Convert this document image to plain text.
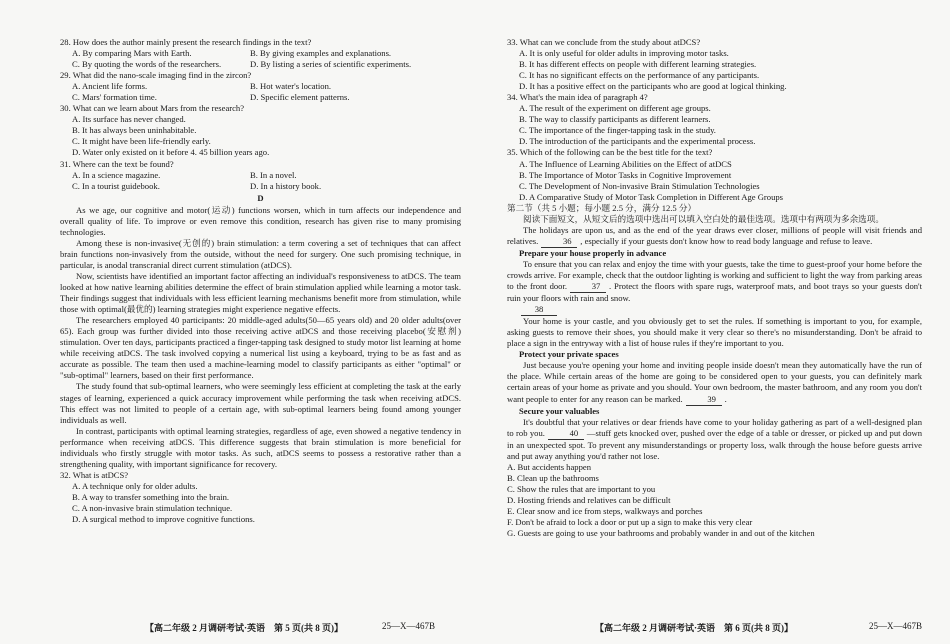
28. How does the author mainly present the research findings in the text?

A. By comparing Mars with Earth.	B. By giving examples and explanations.
C. By quoting the words of the researchers.	D. By listing a series of scientific experiments.

29. What did the nano-scale imaging find in the zircon?

A. Ancient life forms.	B. Hot water's location.
C. Mars' formation time.	D. Specific element patterns.

30. What can we learn about Mars from the research?

A. Its surface has never changed.

B. It has always been uninhabitable.

C. It might have been life-friendly early.

D. Water only existed on it before 4. 45 billion years ago.

31. Where can the text be found?

A. In a science magazine.	B. In a novel.
C. In a tourist guidebook.	D. In a history book.

D

As we age, our cognitive and motor(运动) functions worsen, which in turn affects our independence and overall quality of life. To improve or even remove this condition, research has given rise to many promising technologies.

Among these is non-invasive(无创的) brain stimulation: a term covering a set of techniques that can affect brain functions non-invasively from the outside, without the need for surgery. One such promising technique, in particular, is anodal transcranial direct current stimulation (atDCS).

Now, scientists have identified an important factor affecting an individual's responsiveness to atDCS. The team looked at how native learning abilities determine the effect of brain stimulation applied while learning a motor task. Their findings suggest that individuals with less efficient learning mechanisms benefit more from stimulation, while those with optimal(最优的) learning strategies might experience negative effects.

The researchers employed 40 participants: 20 middle-aged adults(50—65 years old) and 20 older adults(over 65). Each group was further divided into those receiving active atDCS and those receiving placebo(安慰剂) stimulation. Over ten days, participants practiced a finger-tapping task designed to study motor list learning at home while receiving atDCS. The task involved copying a numerical list using a keyboard, trying to be as fast and as accurate as possible. The team then used a machine-learning model to classify participants as either "optimal" or "sub-optimal" learners, based on their first performance.

The study found that sub-optimal learners, who were seemingly less efficient at completing the task at the early stages of learning, experienced a quick accuracy improvement while performing the task when receiving atDCS. This effect was not limited to people of a certain age, with sub-optimal learners being found among younger individuals as well.

In contrast, participants with optimal learning strategies, regardless of age, even showed a negative tendency in performance when receiving atDCS. This difference suggests that brain stimulation is more beneficial for individuals who firstly struggle with motor tasks. As such, atDCS seems to possess a restorative rather than a strengthening quality, with important significance for recovery.

32. What is atDCS?

A. A technique only for older adults.

B. A way to transfer something into the brain.

C. A non-invasive brain stimulation technique.

D. A surgical method to improve cognitive functions.

【高二年级 2 月调研考试·英语　第 5 页(共 8 页)】	25—X—467B

33. What can we conclude from the study about atDCS?

A. It is only useful for older adults in improving motor tasks.

B. It has different effects on people with different learning strategies.

C. It has no significant effects on the performance of any participants.

D. It has a positive effect on the participants who are good at logical thinking.

34. What's the main idea of paragraph 4?

A. The result of the experiment on different age groups.

B. The way to classify participants as different learners.

C. The importance of the finger-tapping task in the study.

D. The introduction of the participants and the experimental process.

35. Which of the following can be the best title for the text?

A. The Influence of Learning Abilities on the Effect of atDCS

B. The Importance of Motor Tasks in Cognitive Improvement

C. The Development of Non-invasive Brain Stimulation Technologies

D. A Comparative Study of Motor Task Completion in Different Age Groups

第二节（共 5 小题；每小题 2.5 分，满分 12.5 分）

阅读下面短文，从短文后的选项中选出可以填入空白处的最佳选项。选项中有两项为多余选项。

The holidays are upon us, and as the end of the year draws ever closer, millions of people will visit friends and relatives.	36 , especially if your guests don't know how to read body language and refuse to leave.

Prepare your house properly in advance

To ensure that you can relax and enjoy the time with your guests, take the time to guest-proof your home before the crowds arrive. For example, check that the outdoor lighting is working and sufficient to light the way from parking areas to the front door.	37 . Protect the floors with spare rugs, waterproof mats, and boot trays so your guests don't ruin your floors with rain and snow.

38

Your home is your castle, and you obviously get to set the rules. If something is important to you, for example, asking guests to remove their shoes, you should make it very clear so there's no misunderstanding. Don't be afraid to place a sign in the entryway with a list of house rules if they're important to you.

Protect your private spaces

Just because you're opening your home and inviting people inside doesn't mean they automatically have the run of the place. While certain areas of the home are going to be considered open to your guests, you can definitely mark certain areas of your home as private and you should. Your own bedroom, the master bathroom, and any room you don't want people to enter for any reason can be marked.	39 .

Secure your valuables

It's doubtful that your relatives or dear friends have come to your holiday gathering as part of a well-designed plan to rob you.	40 —stuff gets knocked over, pushed over the edge of a table or dresser, or picked up and put down in an unexpected spot. To prevent any misunderstandings or property loss, walk through the house before guests arrive and put away anything you'd rather not lose.

A. But accidents happen

B. Clean up the bathrooms

C. Show the rules that are important to you

D. Hosting friends and relatives can be difficult

E. Clear snow and ice from steps, walkways and porches

F. Don't be afraid to lock a door or put up a sign to make this very clear

G. Guests are going to use your bathrooms and probably wander in and out of the kitchen

【高二年级 2 月调研考试·英语　第 6 页(共 8 页)】	25—X—467B
